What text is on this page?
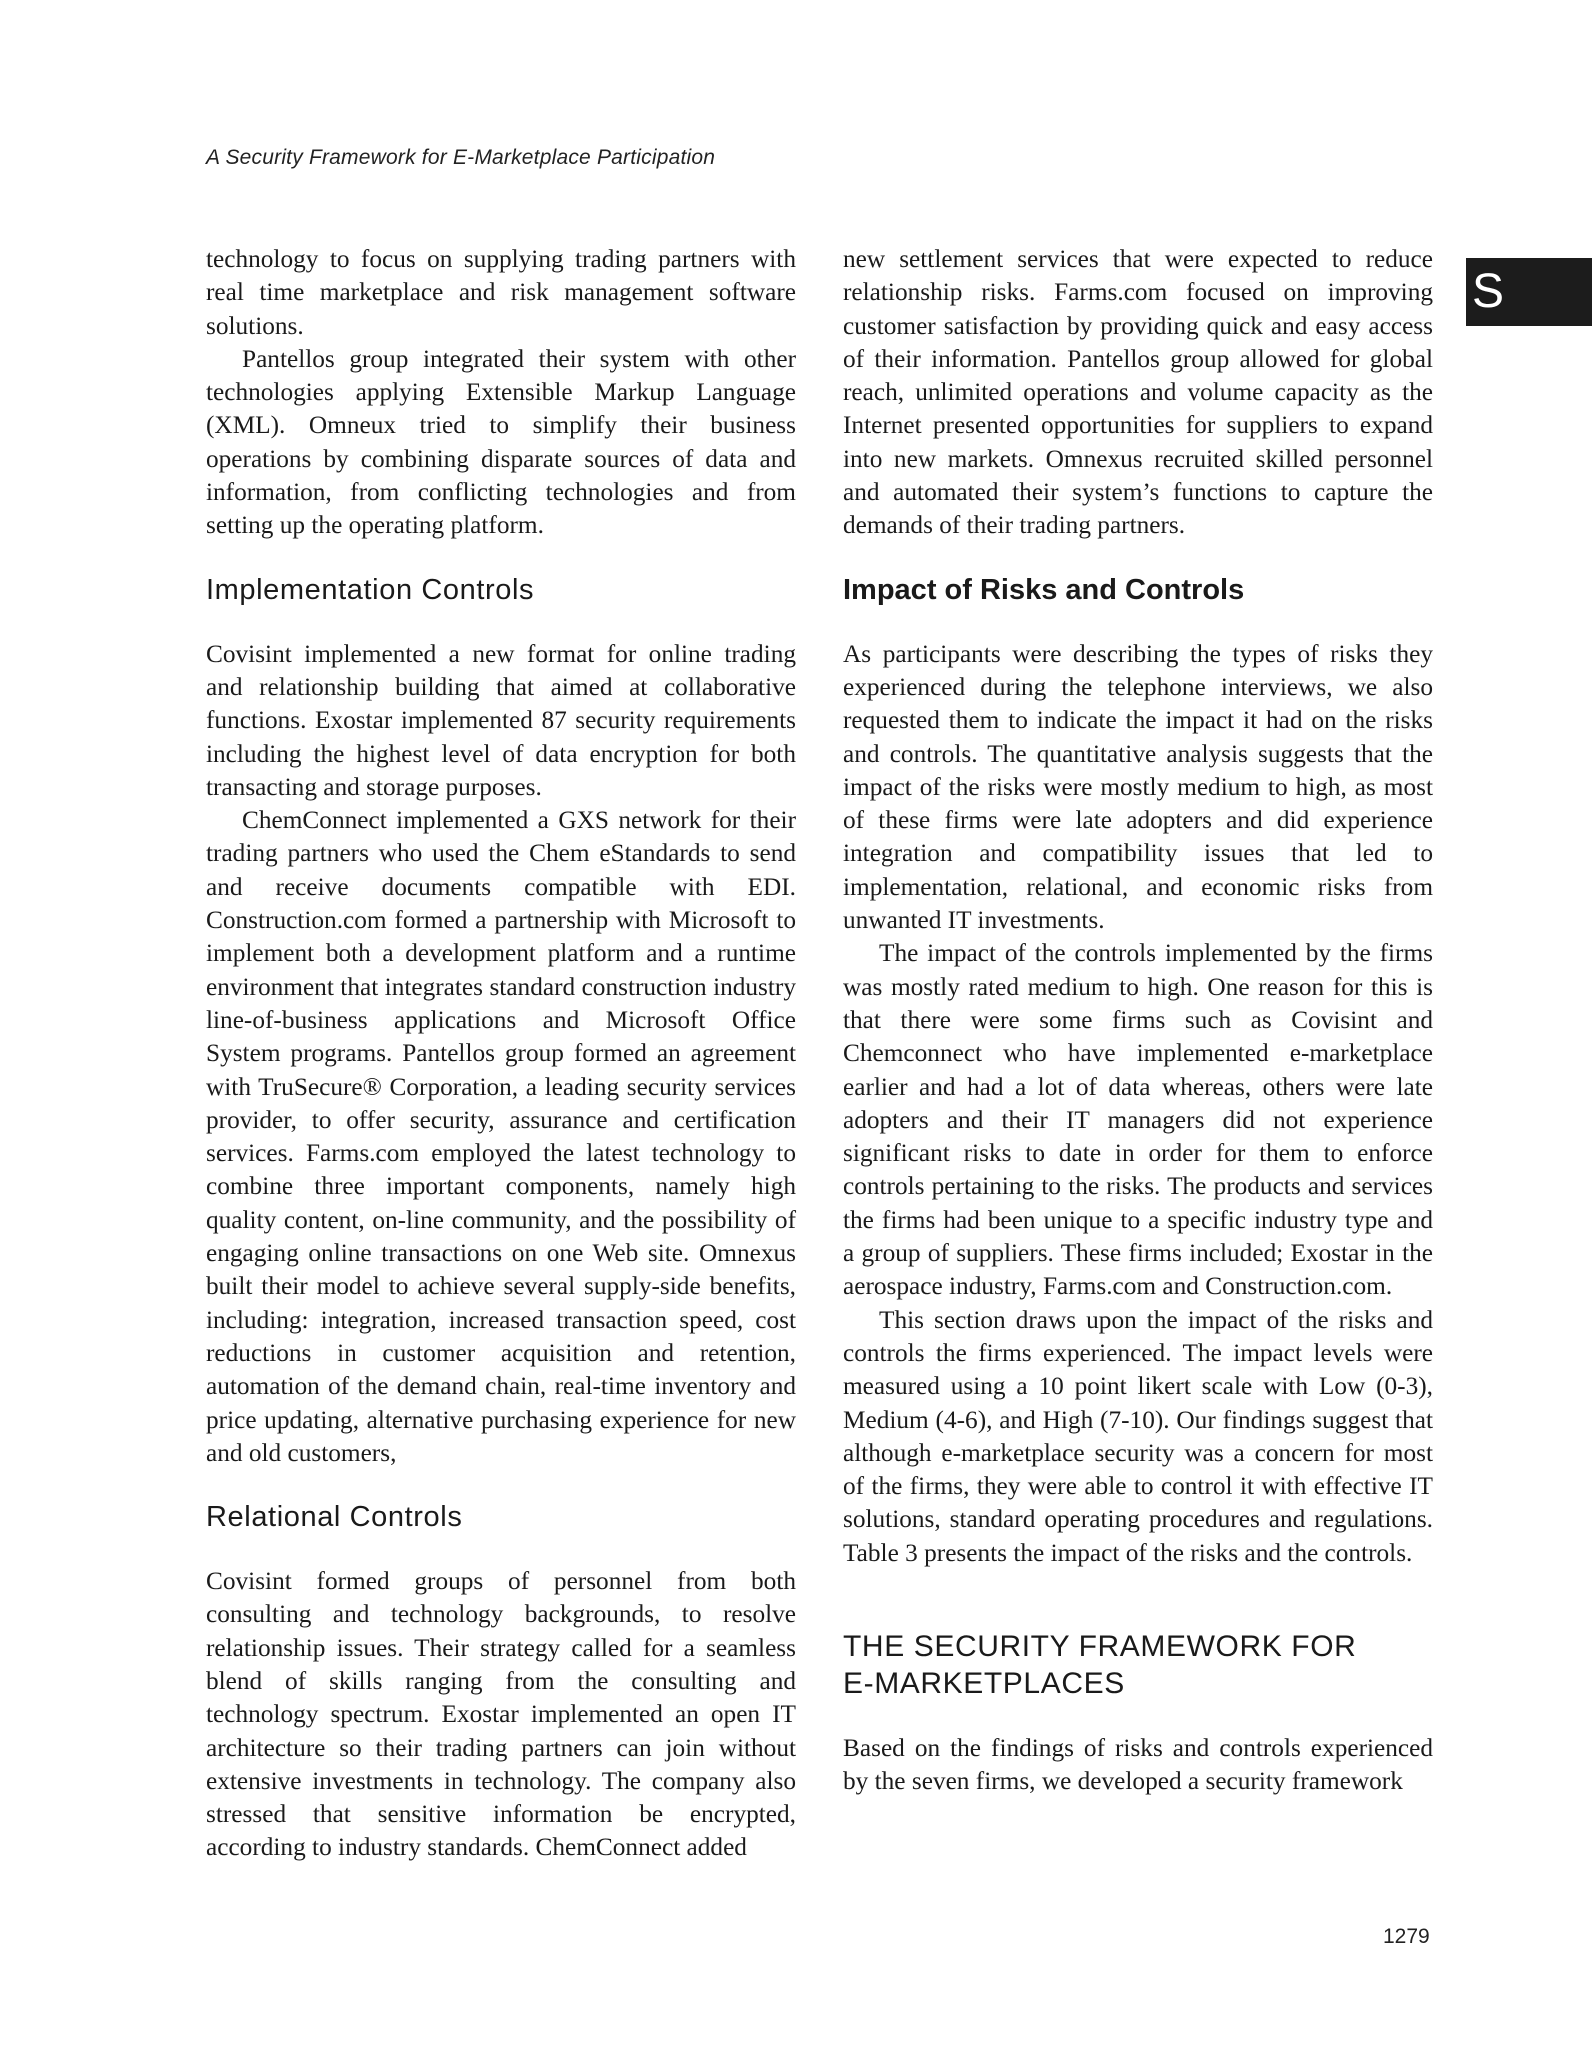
A Security Framework for E-Marketplace Participation
S

technology to focus on supplying trading partners with real time marketplace and risk management software solutions.

Pantellos group integrated their system with other technologies applying Extensible Markup Language (XML). Omneux tried to simplify their business operations by combining disparate sources of data and information, from conflicting technologies and from setting up the operating platform.

Implementation Controls

Covisint implemented a new format for online trading and relationship building that aimed at collaborative functions. Exostar implemented 87 security requirements including the highest level of data encryption for both transacting and storage purposes.

ChemConnect implemented a GXS network for their trading partners who used the Chem eStandards to send and receive documents compatible with EDI. Construction.com formed a partnership with Microsoft to implement both a development platform and a runtime environment that integrates standard construction industry line-of-business applications and Microsoft Office System programs. Pantellos group formed an agreement with TruSecure® Corporation, a leading security services provider, to offer security, assurance and certification services. Farms.com employed the latest technology to combine three important components, namely high quality content, on-line community, and the possibility of engaging online transactions on one Web site. Omnexus built their model to achieve several supply-side benefits, including: integration, increased transaction speed, cost reductions in customer acquisition and retention, automation of the demand chain, real-time inventory and price updating, alternative purchasing experience for new and old customers,

Relational Controls

Covisint formed groups of personnel from both consulting and technology backgrounds, to resolve relationship issues. Their strategy called for a seamless blend of skills ranging from the consulting and technology spectrum. Exostar implemented an open IT architecture so their trading partners can join without extensive investments in technology. The company also stressed that sensitive information be encrypted, according to industry standards. ChemConnect added

new settlement services that were expected to reduce relationship risks. Farms.com focused on improving customer satisfaction by providing quick and easy access of their information. Pantellos group allowed for global reach, unlimited operations and volume capacity as the Internet presented opportunities for suppliers to expand into new markets. Omnexus recruited skilled personnel and automated their system’s functions to capture the demands of their trading partners.

Impact of Risks and Controls

As participants were describing the types of risks they experienced during the telephone interviews, we also requested them to indicate the impact it had on the risks and controls. The quantitative analysis suggests that the impact of the risks were mostly medium to high, as most of these firms were late adopters and did experience integration and compatibility issues that led to implementation, relational, and economic risks from unwanted IT investments.

The impact of the controls implemented by the firms was mostly rated medium to high. One reason for this is that there were some firms such as Covisint and Chemconnect who have implemented e-marketplace earlier and had a lot of data whereas, others were late adopters and their IT managers did not experience significant risks to date in order for them to enforce controls pertaining to the risks. The products and services the firms had been unique to a specific industry type and a group of suppliers. These firms included; Exostar in the aerospace industry, Farms.com and Construction.com.

This section draws upon the impact of the risks and controls the firms experienced. The impact levels were measured using a 10 point likert scale with Low (0-3), Medium (4-6), and High (7-10). Our findings suggest that although e-marketplace security was a concern for most of the firms, they were able to control it with effective IT solutions, standard operating procedures and regulations. Table 3 presents the impact of the risks and the controls.

THE SECURITY FRAMEWORK FOR
E-MARKETPLACES

Based on the findings of risks and controls experienced by the seven firms, we developed a security framework

1279
